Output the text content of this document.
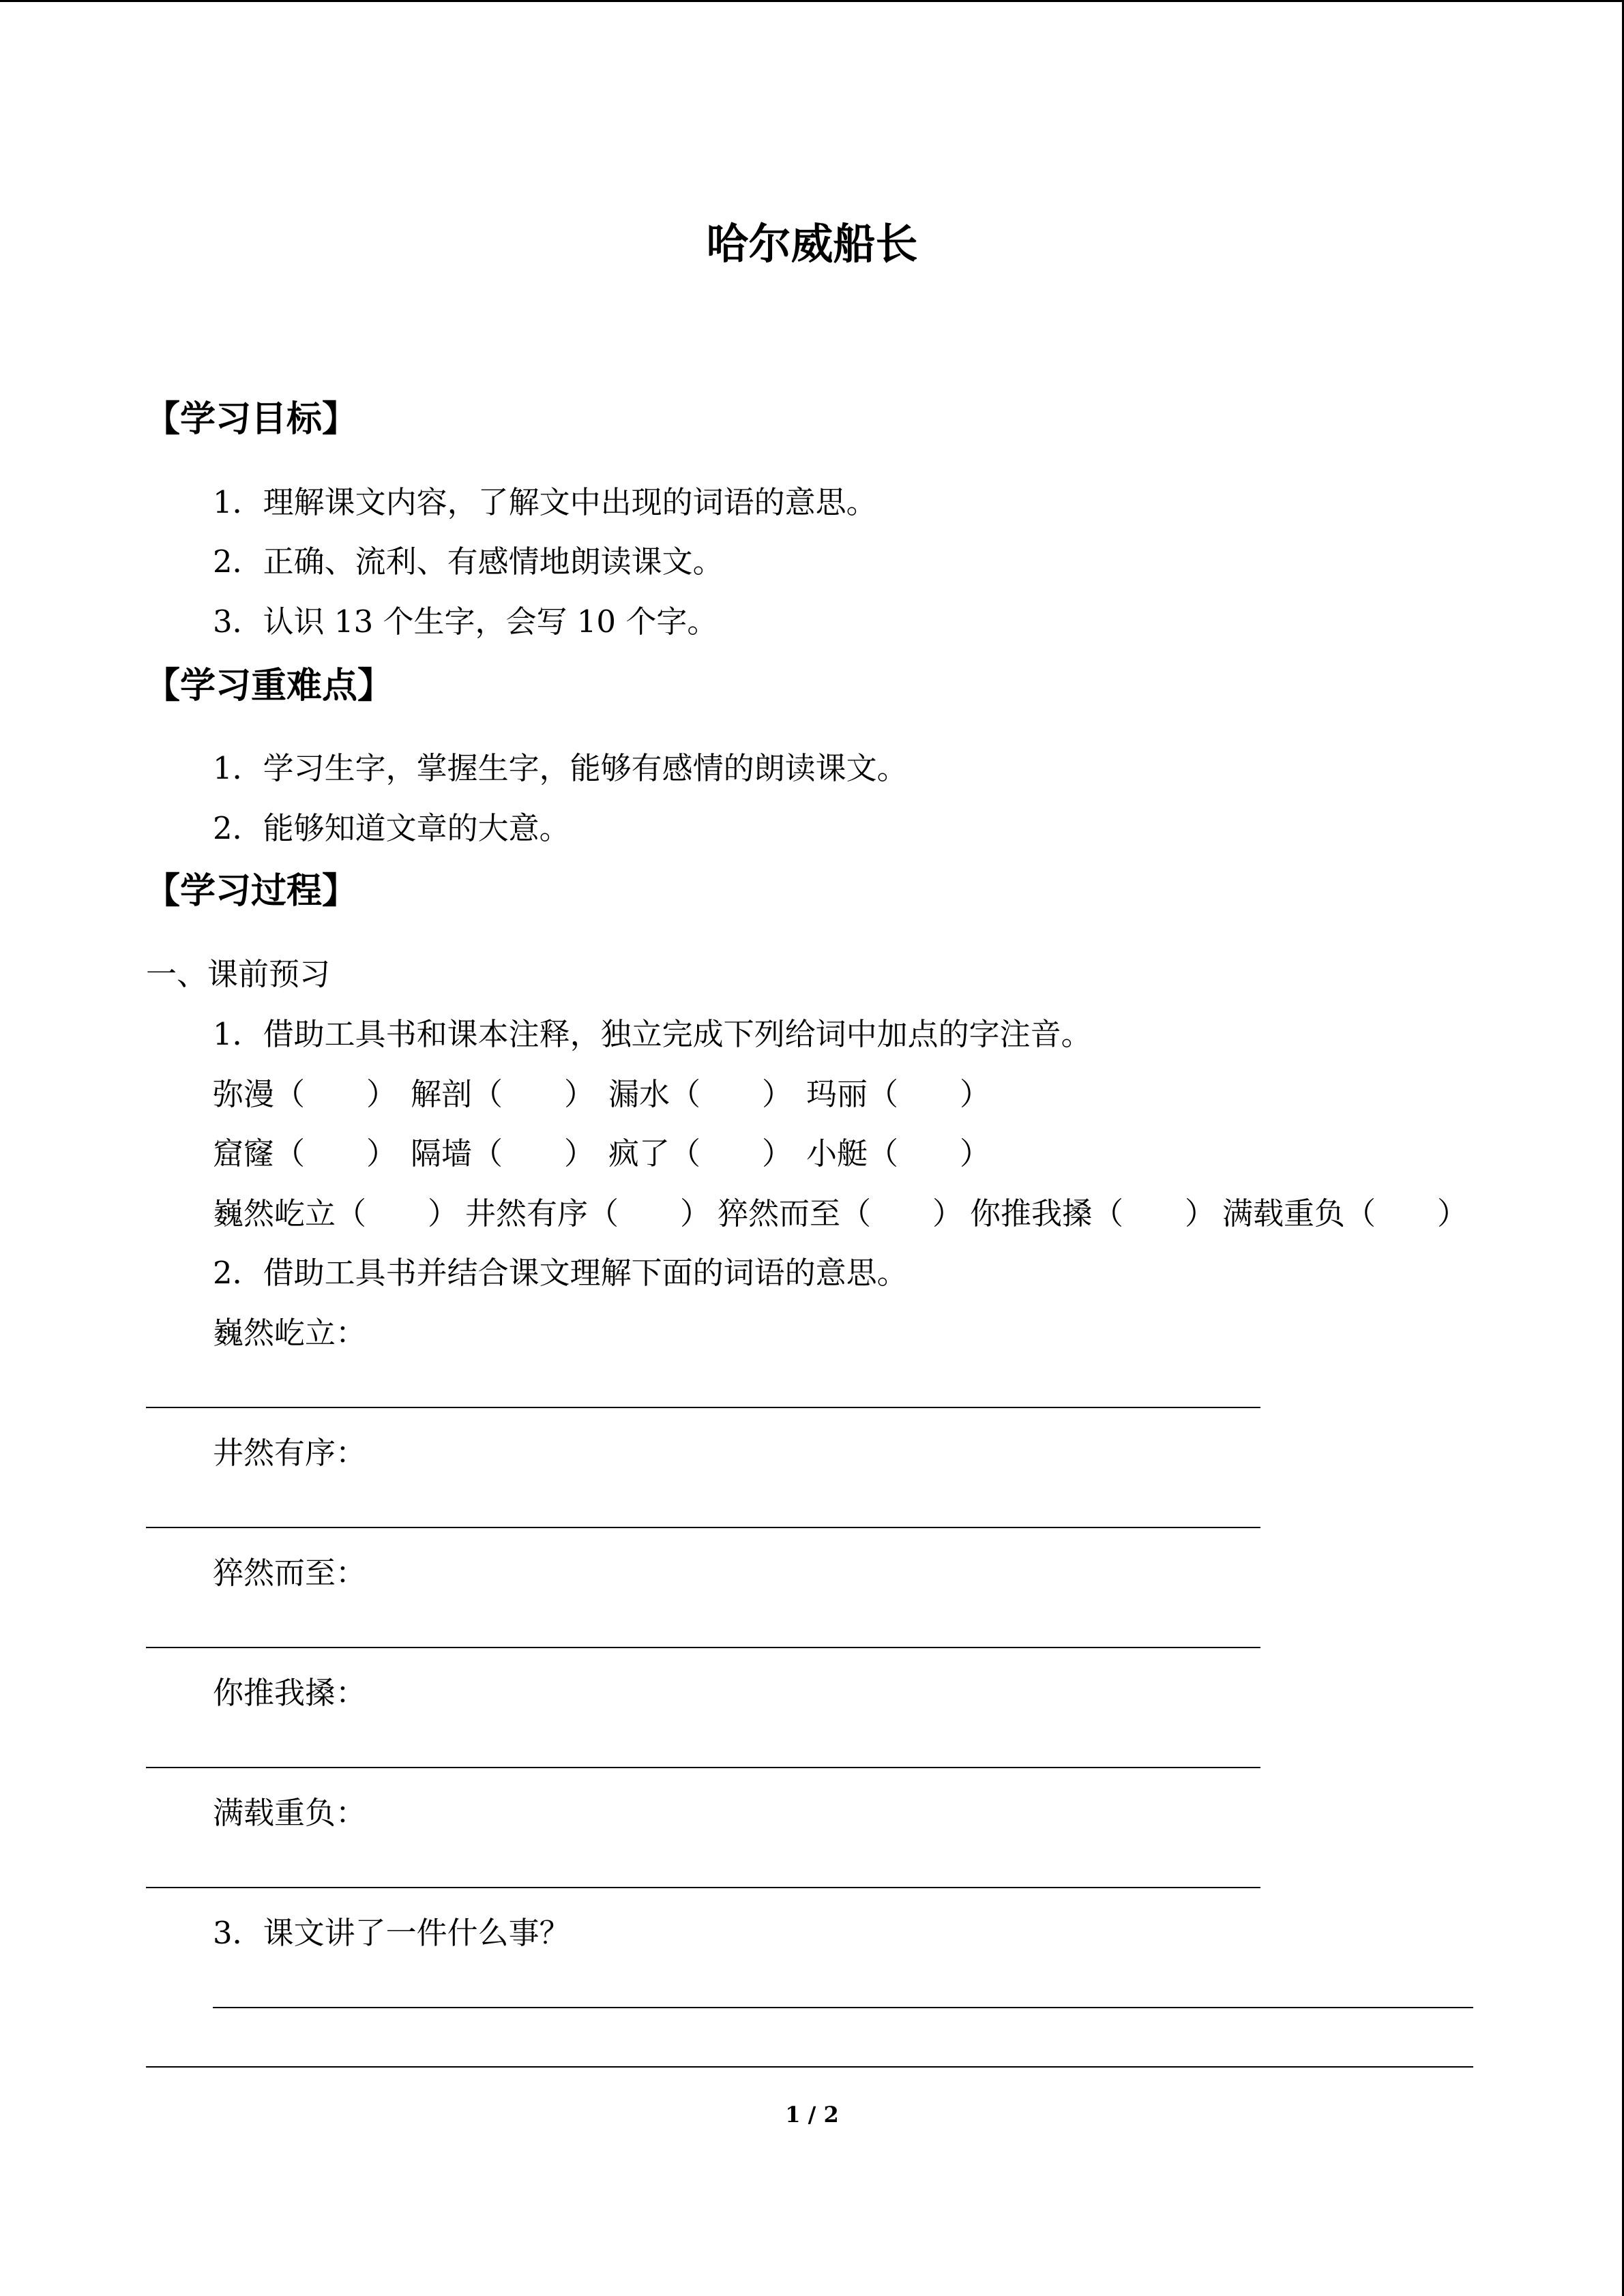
哈尔威船长
【学习目标】
1．理解课文内容，了解文中出现的词语的意思。
2．正确、流利、有感情地朗读课文。
3．认识 13 个生字，会写 10 个字。
【学习重难点】
1．学习生字，掌握生字，能够有感情的朗读课文。
2．能够知道文章的大意。
【学习过程】
一、课前预习
1．借助工具书和课本注释，独立完成下列给词中加点的字注音。
弥漫（　　） 解剖（　　） 漏水（　　） 玛丽（　　）
窟窿（　　） 隔墙（　　） 疯了（　　） 小艇（　　）
巍然屹立（　　） 井然有序（　　） 猝然而至（　　） 你推我搡（　　） 满载重负（　　）
2．借助工具书并结合课文理解下面的词语的意思。
巍然屹立：
井然有序：
猝然而至：
你推我搡：
满载重负：
3．课文讲了一件什么事？
1 / 2
